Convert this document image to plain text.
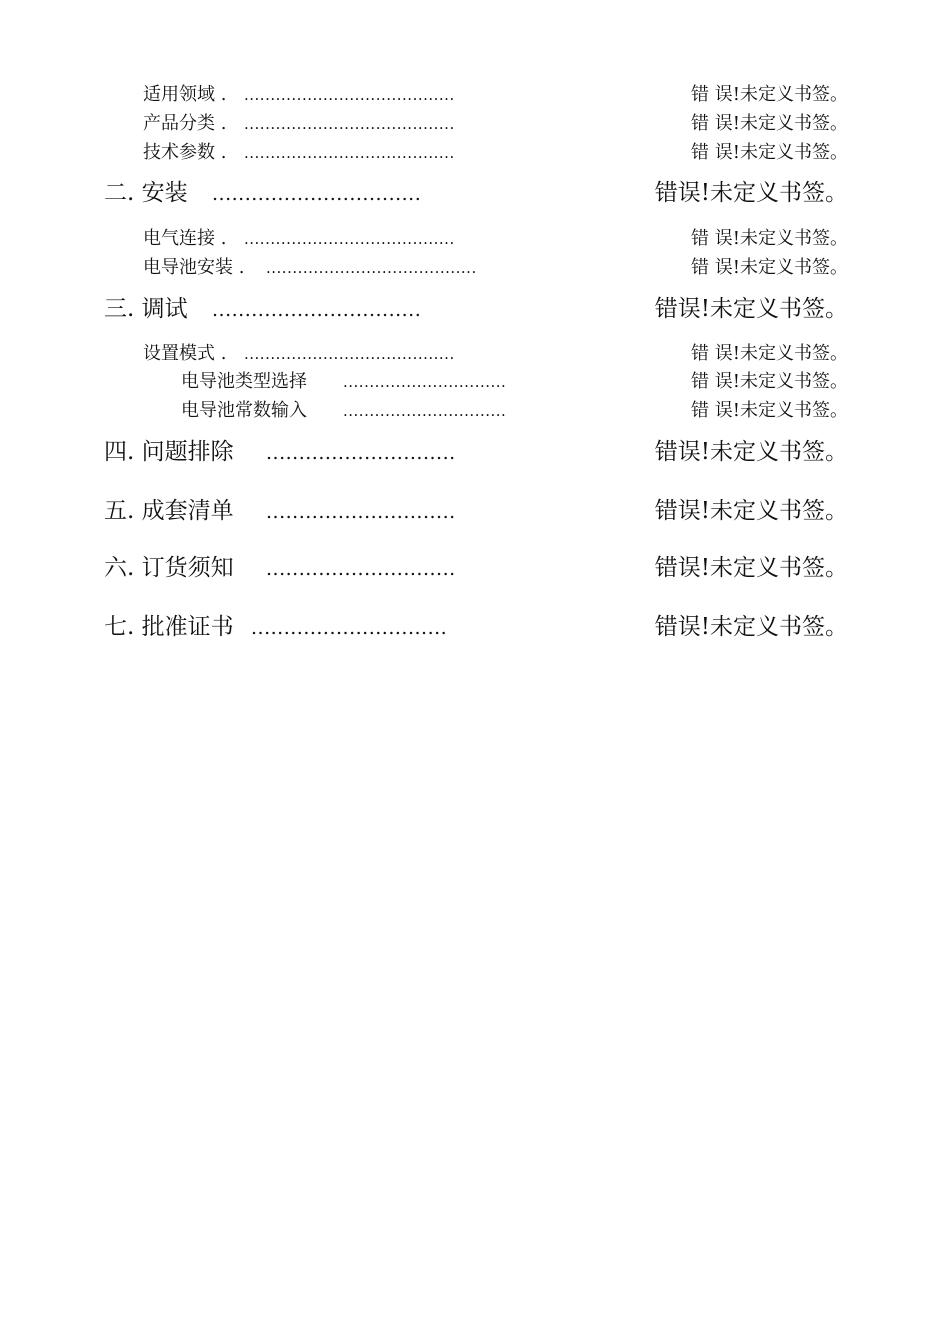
适用领域 . ........................................	错 误!未定义书签。
产品分类 . ........................................	错 误!未定义书签。
技术参数 . ........................................	错 误!未定义书签。
二. 安装 ................................	错误!未定义书签。
电气连接 . ........................................	错 误!未定义书签。
电导池安装 . ........................................	错 误!未定义书签。
三. 调试 ................................	错误!未定义书签。
设置模式 . ........................................	错 误!未定义书签。
电导池类型选择 ...............................	错 误!未定义书签。
电导池常数输入 ...............................	错 误!未定义书签。
四. 问题排除 .............................	错误!未定义书签。
五. 成套清单 .............................	错误!未定义书签。
六. 订货须知 .............................	错误!未定义书签。
七. 批准证书 ..............................	错误!未定义书签。
